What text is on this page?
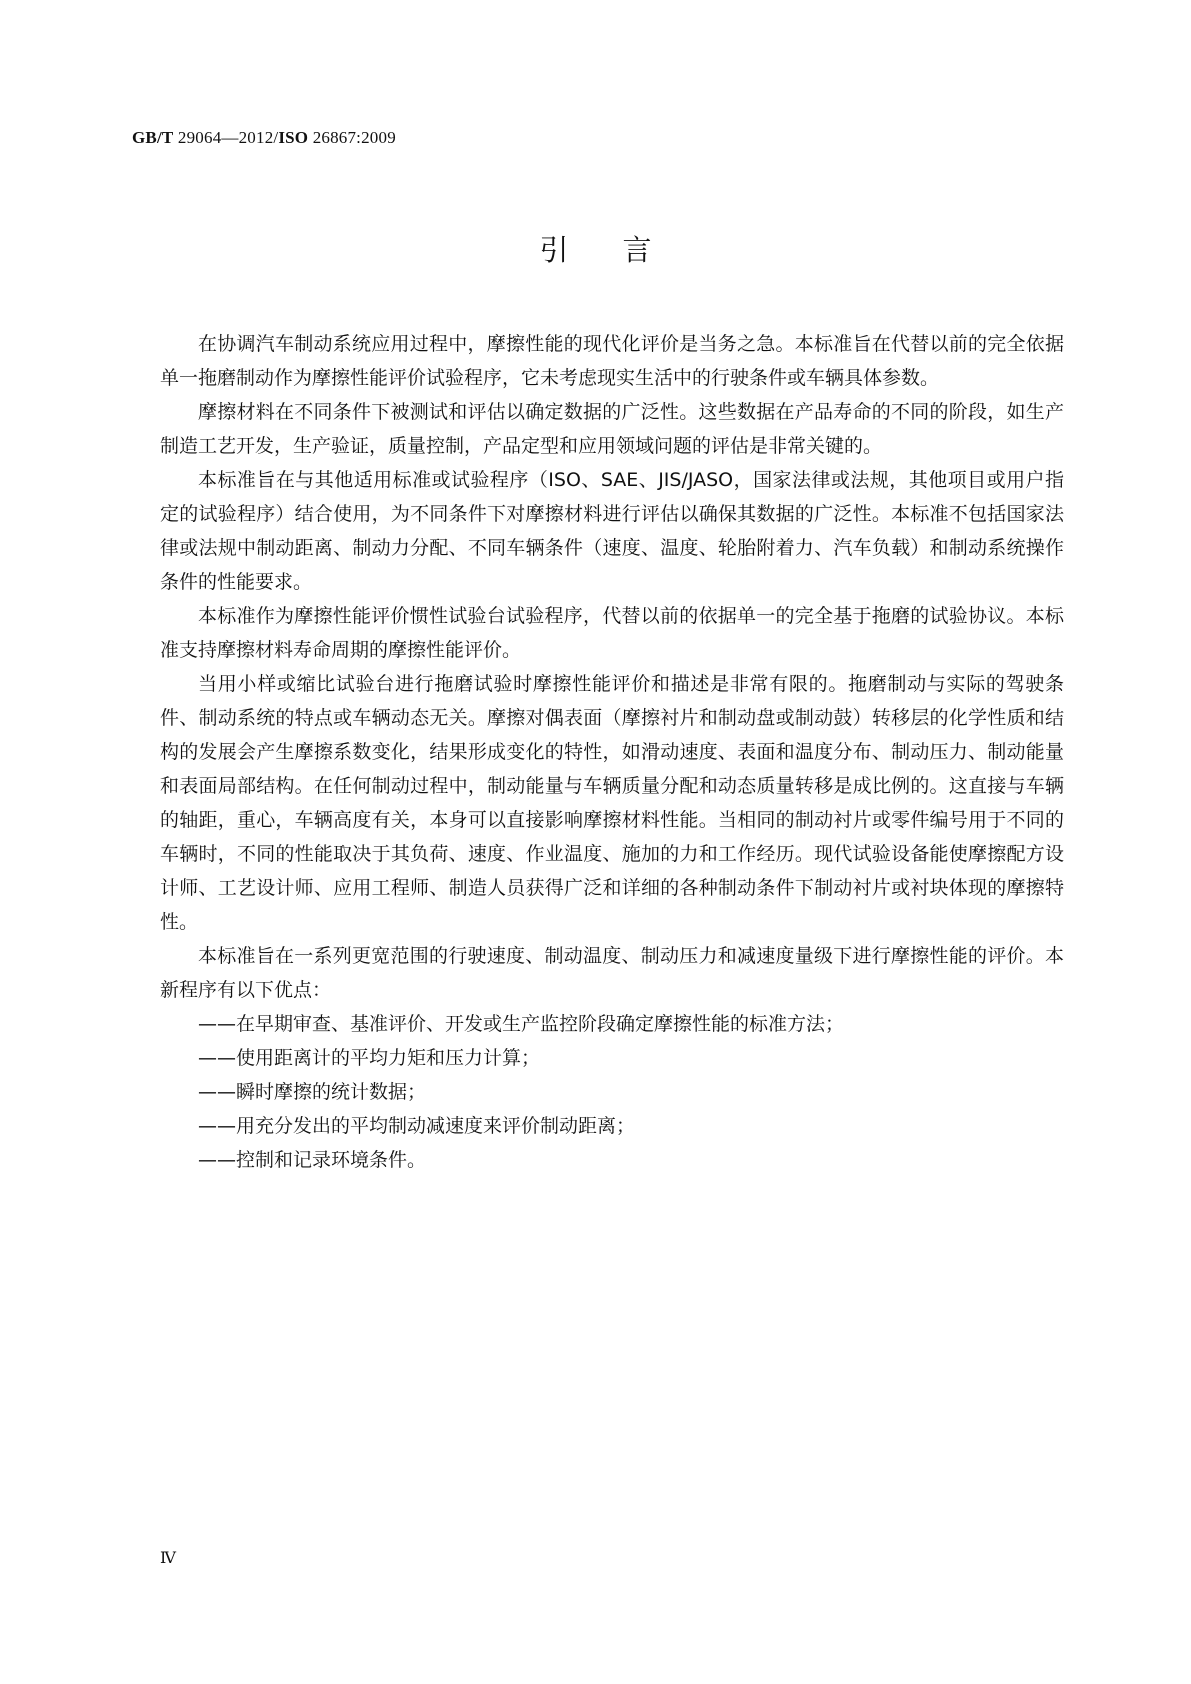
GB/T 29064—2012/ISO 26867:2009
引言

在协调汽车制动系统应用过程中，摩擦性能的现代化评价是当务之急。本标准旨在代替以前的完全依据单一拖磨制动作为摩擦性能评价试验程序，它未考虑现实生活中的行驶条件或车辆具体参数。

摩擦材料在不同条件下被测试和评估以确定数据的广泛性。这些数据在产品寿命的不同的阶段，如生产制造工艺开发，生产验证，质量控制，产品定型和应用领域问题的评估是非常关键的。

本标准旨在与其他适用标准或试验程序（ISO、SAE、JIS/JASO，国家法律或法规，其他项目或用户指定的试验程序）结合使用，为不同条件下对摩擦材料进行评估以确保其数据的广泛性。本标准不包括国家法律或法规中制动距离、制动力分配、不同车辆条件（速度、温度、轮胎附着力、汽车负载）和制动系统操作条件的性能要求。

本标准作为摩擦性能评价惯性试验台试验程序，代替以前的依据单一的完全基于拖磨的试验协议。本标准支持摩擦材料寿命周期的摩擦性能评价。

当用小样或缩比试验台进行拖磨试验时摩擦性能评价和描述是非常有限的。拖磨制动与实际的驾驶条件、制动系统的特点或车辆动态无关。摩擦对偶表面（摩擦衬片和制动盘或制动鼓）转移层的化学性质和结构的发展会产生摩擦系数变化，结果形成变化的特性，如滑动速度、表面和温度分布、制动压力、制动能量和表面局部结构。在任何制动过程中，制动能量与车辆质量分配和动态质量转移是成比例的。这直接与车辆的轴距，重心，车辆高度有关，本身可以直接影响摩擦材料性能。当相同的制动衬片或零件编号用于不同的车辆时，不同的性能取决于其负荷、速度、作业温度、施加的力和工作经历。现代试验设备能使摩擦配方设计师、工艺设计师、应用工程师、制造人员获得广泛和详细的各种制动条件下制动衬片或衬块体现的摩擦特性。

本标准旨在一系列更宽范围的行驶速度、制动温度、制动压力和减速度量级下进行摩擦性能的评价。本新程序有以下优点：

——在早期审查、基准评价、开发或生产监控阶段确定摩擦性能的标准方法；
——使用距离计的平均力矩和压力计算；
——瞬时摩擦的统计数据；
——用充分发出的平均制动减速度来评价制动距离；
——控制和记录环境条件。
Ⅳ
